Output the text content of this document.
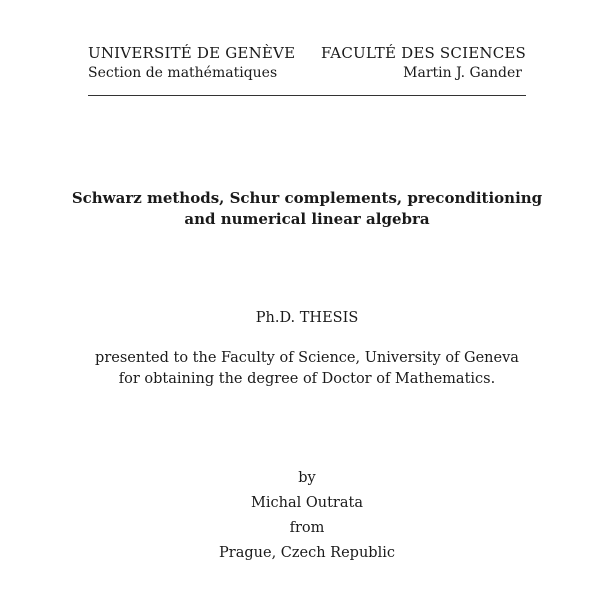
UNIVERSITÉ DE GENÈVE
Section de mathématiques
FACULTÉ DES SCIENCES
Martin J. Gander
Schwarz methods, Schur complements, preconditioning
and numerical linear algebra
Ph.D. THESIS
presented to the Faculty of Science, University of Geneva
for obtaining the degree of Doctor of Mathematics.
by
Michal Outrata
from
Prague, Czech Republic
